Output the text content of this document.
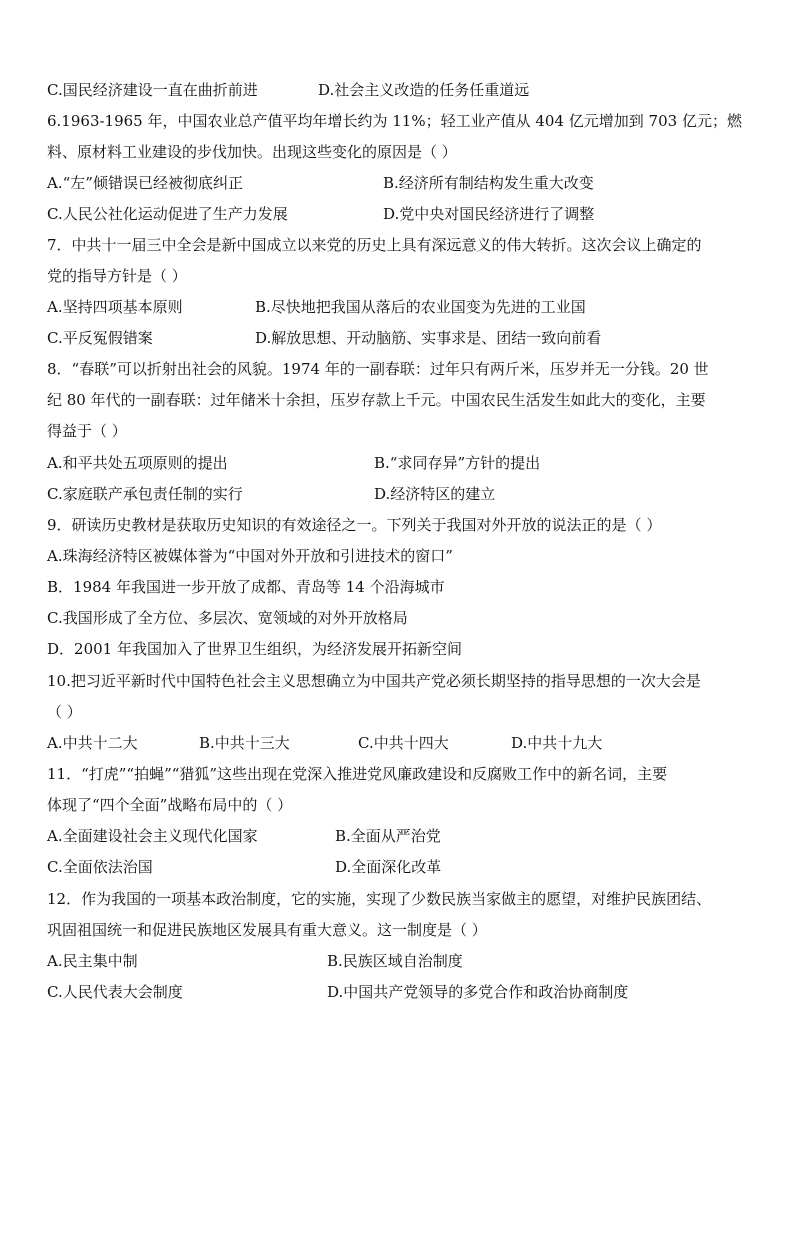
C.国民经济建设一直在曲折前进	D.社会主义改造的任务任重道远
6.1963-1965 年，中国农业总产值平均年增长约为 11%；轻工业产值从 404 亿元增加到 703 亿元；燃
料、原材料工业建设的步伐加快。出现这些变化的原因是（ ）
A.“左”倾错误已经被彻底纠正	B.经济所有制结构发生重大改变
C.人民公社化运动促进了生产力发展	D.党中央对国民经济进行了调整
7．中共十一届三中全会是新中国成立以来党的历史上具有深远意义的伟大转折。这次会议上确定的
党的指导方针是（ ）
A.坚持四项基本原则	B.尽快地把我国从落后的农业国变为先进的工业国
C.平反冤假错案	D.解放思想、开动脑筋、实事求是、团结一致向前看
8．“春联”可以折射出社会的风貌。1974 年的一副春联：过年只有两斤米，压岁并无一分钱。20 世
纪 80 年代的一副春联：过年储米十余担，压岁存款上千元。中国农民生活发生如此大的变化，主要
得益于（ ）
A.和平共处五项原则的提出	B.“求同存异”方针的提出
C.家庭联产承包责任制的实行	D.经济特区的建立
9．研读历史教材是获取历史知识的有效途径之一。下列关于我国对外开放的说法正的是（ ）
A.珠海经济特区被媒体誉为“中国对外开放和引进技术的窗口”
B．1984 年我国进一步开放了成都、青岛等 14 个沿海城市
C.我国形成了全方位、多层次、宽领域的对外开放格局
D．2001 年我国加入了世界卫生组织，为经济发展开拓新空间
10.把习近平新时代中国特色社会主义思想确立为中国共产党必须长期坚持的指导思想的一次大会是
（ ）
A.中共十二大	B.中共十三大	C.中共十四大	D.中共十九大
11．“打虎”“拍蝇”“猎狐”这些出现在党深入推进党风廉政建设和反腐败工作中的新名词，主要
体现了“四个全面”战略布局中的（ ）
A.全面建设社会主义现代化国家	B.全面从严治党
C.全面依法治国	D.全面深化改革
12．作为我国的一项基本政治制度，它的实施，实现了少数民族当家做主的愿望，对维护民族团结、
巩固祖国统一和促进民族地区发展具有重大意义。这一制度是（ ）
A.民主集中制	B.民族区域自治制度
C.人民代表大会制度	D.中国共产党领导的多党合作和政治协商制度
